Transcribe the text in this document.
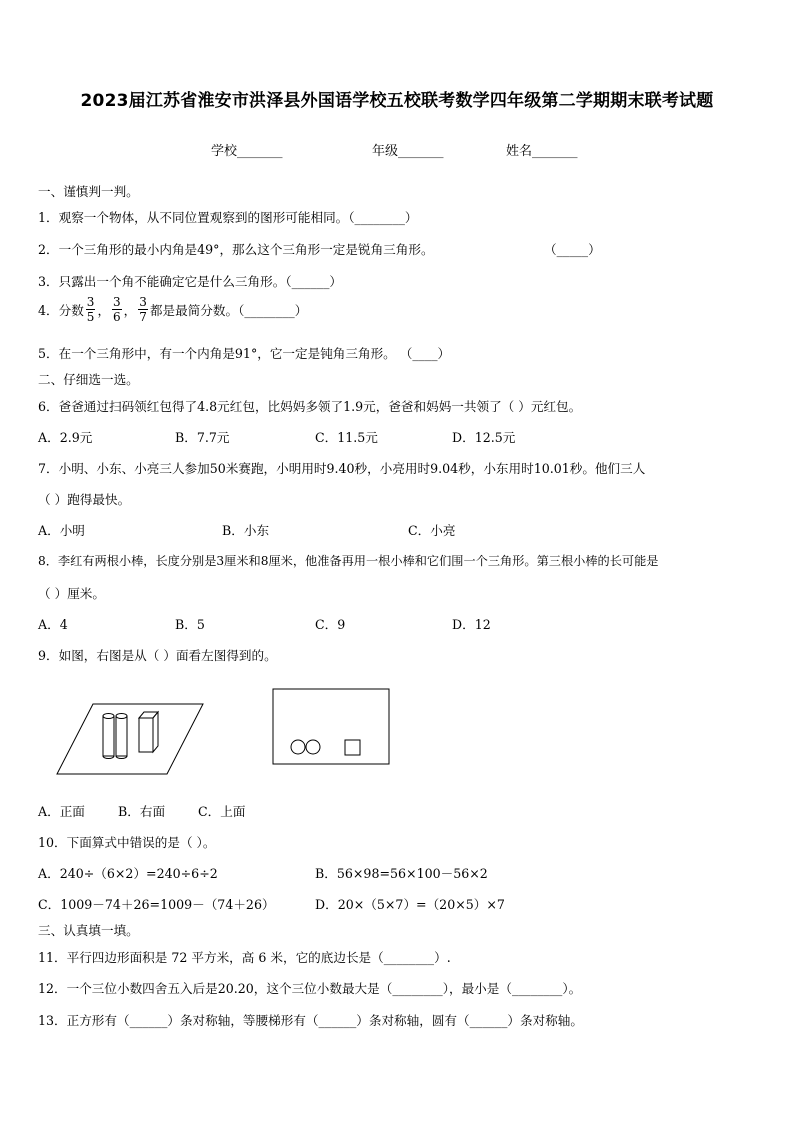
2023届江苏省淮安市洪泽县外国语学校五校联考数学四年级第二学期期末联考试题
学校_______	年级_______	姓名_______
一、谨慎判一判。
1．观察一个物体，从不同位置观察到的图形可能相同。（________）
2．一个三角形的最小内角是49°，那么这个三角形一定是锐角三角形。	（_____）
3．只露出一个角不能确定它是什么三角形。（______）
4．分数 $\frac{3}{5}$ ， $\frac{3}{6}$ ， $\frac{3}{7}$ 都是最简分数。（________）
5．在一个三角形中，有一个内角是91°，它一定是钝角三角形。 （____）
二、仔细选一选。
6．爸爸通过扫码领红包得了4.8元红包，比妈妈多领了1.9元，爸爸和妈妈一共领了（ ）元红包。
A．2.9元	B．7.7元	C．11.5元	D．12.5元
7．小明、小东、小亮三人参加50米赛跑，小明用时9.40秒，小亮用时9.04秒，小东用时10.01秒。他们三人
（ ）跑得最快。
A．小明	B．小东	C．小亮
8．李红有两根小棒，长度分别是3厘米和8厘米，他准备再用一根小棒和它们围一个三角形。第三根小棒的长可能是
（ ）厘米。
A．4	B．5	C．9	D．12
9．如图，右图是从（ ）面看左图得到的。
A．正面	B．右面	C．上面
10．下面算式中错误的是（ ）。
A．240÷（6×2）=240÷6÷2	B．56×98=56×100－56×2
C．1009－74＋26=1009－（74＋26）	D．20×（5×7）=（20×5）×7
三、认真填一填。
11．平行四边形面积是 72 平方米，高 6 米，它的底边长是（________）.
12．一个三位小数四舍五入后是20.20，这个三位小数最大是（________），最小是（________）。
13．正方形有（______）条对称轴，等腰梯形有（______）条对称轴，圆有（______）条对称轴。
